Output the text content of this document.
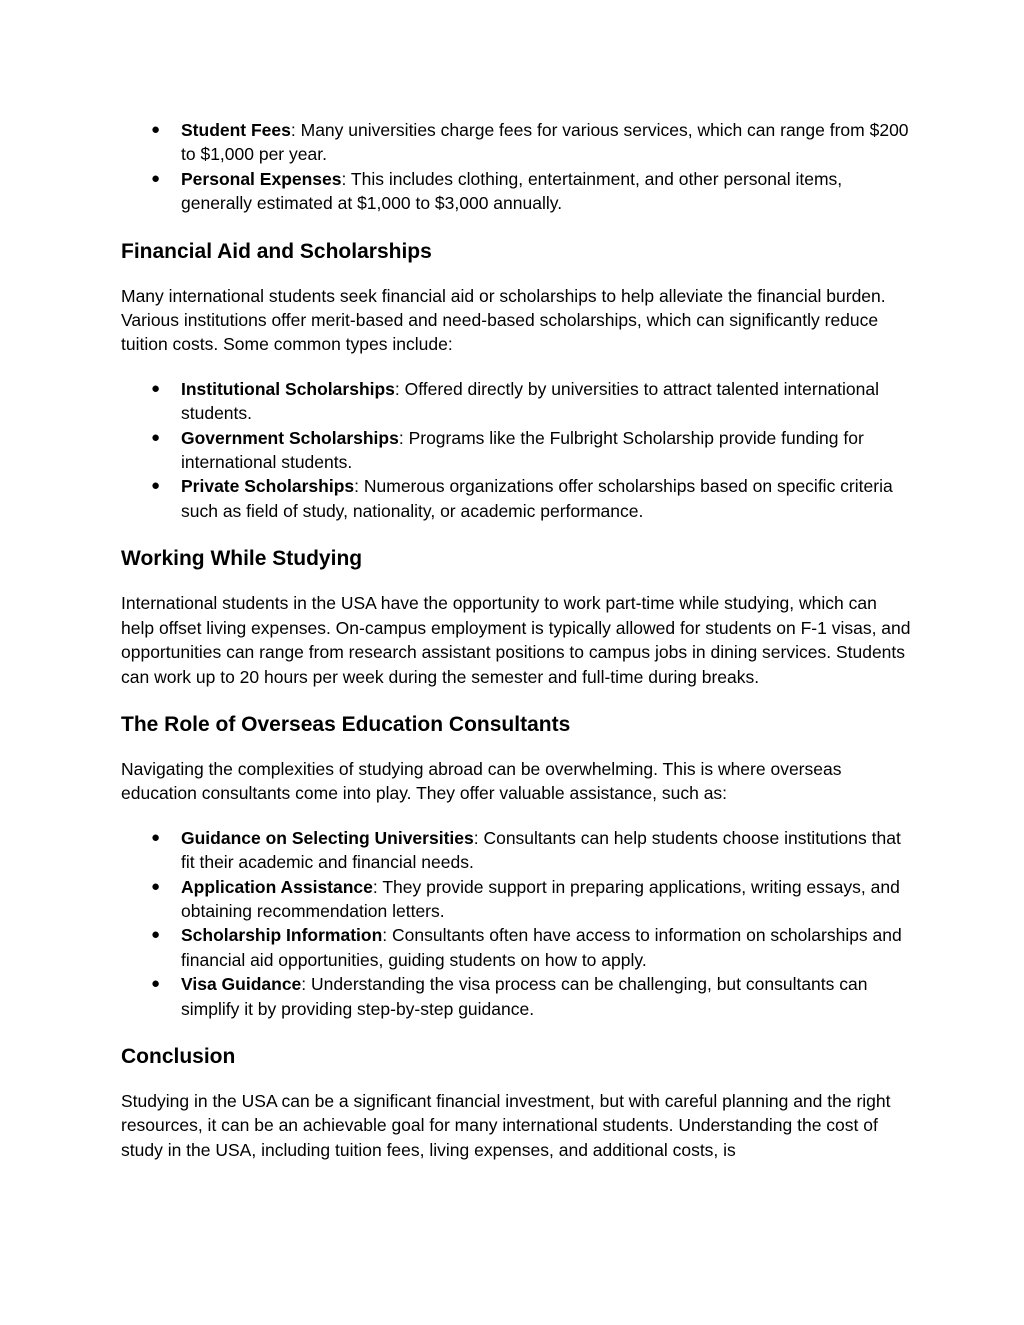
● Student Fees: Many universities charge fees for various services, which can range from $200 to $1,000 per year.
● Personal Expenses: This includes clothing, entertainment, and other personal items, generally estimated at $1,000 to $3,000 annually.
Financial Aid and Scholarships

Many international students seek financial aid or scholarships to help alleviate the financial burden. Various institutions offer merit-based and need-based scholarships, which can significantly reduce tuition costs. Some common types include:

● Institutional Scholarships: Offered directly by universities to attract talented international students.
● Government Scholarships: Programs like the Fulbright Scholarship provide funding for international students.
● Private Scholarships: Numerous organizations offer scholarships based on specific criteria such as field of study, nationality, or academic performance.
Working While Studying

International students in the USA have the opportunity to work part-time while studying, which can help offset living expenses. On-campus employment is typically allowed for students on F-1 visas, and opportunities can range from research assistant positions to campus jobs in dining services. Students can work up to 20 hours per week during the semester and full-time during breaks.

The Role of Overseas Education Consultants

Navigating the complexities of studying abroad can be overwhelming. This is where overseas education consultants come into play. They offer valuable assistance, such as:

● Guidance on Selecting Universities: Consultants can help students choose institutions that fit their academic and financial needs.
● Application Assistance: They provide support in preparing applications, writing essays, and obtaining recommendation letters.
● Scholarship Information: Consultants often have access to information on scholarships and financial aid opportunities, guiding students on how to apply.
● Visa Guidance: Understanding the visa process can be challenging, but consultants can simplify it by providing step-by-step guidance.
Conclusion

Studying in the USA can be a significant financial investment, but with careful planning and the right resources, it can be an achievable goal for many international students. Understanding the cost of study in the USA, including tuition fees, living expenses, and additional costs, is
